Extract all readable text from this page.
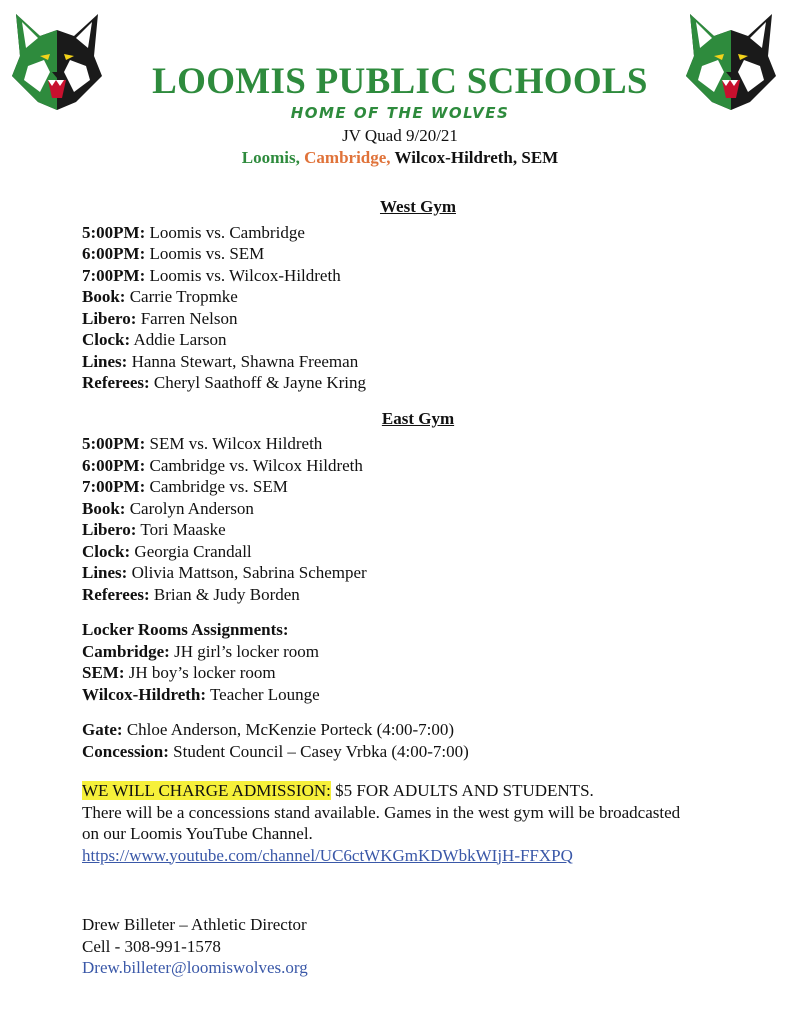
LOOMIS PUBLIC SCHOOLS
HOME OF THE WOLVES
JV Quad 9/20/21
Loomis, Cambridge, Wilcox-Hildreth, SEM
West Gym
5:00PM: Loomis vs. Cambridge
6:00PM: Loomis vs. SEM
7:00PM: Loomis vs. Wilcox-Hildreth
Book: Carrie Tropmke
Libero: Farren Nelson
Clock: Addie Larson
Lines: Hanna Stewart, Shawna Freeman
Referees: Cheryl Saathoff & Jayne Kring
East Gym
5:00PM: SEM vs. Wilcox Hildreth
6:00PM: Cambridge vs. Wilcox Hildreth
7:00PM: Cambridge vs. SEM
Book: Carolyn Anderson
Libero: Tori Maaske
Clock: Georgia Crandall
Lines: Olivia Mattson, Sabrina Schemper
Referees: Brian & Judy Borden
Locker Rooms Assignments:
Cambridge: JH girl’s locker room
SEM: JH boy’s locker room
Wilcox-Hildreth: Teacher Lounge
Gate: Chloe Anderson, McKenzie Porteck (4:00-7:00)
Concession: Student Council – Casey Vrbka (4:00-7:00)
WE WILL CHARGE ADMISSION: $5 FOR ADULTS AND STUDENTS.
There will be a concessions stand available. Games in the west gym will be broadcasted
on our Loomis YouTube Channel.
https://www.youtube.com/channel/UC6ctWKGmKDWbkWIjH-FFXPQ
Drew Billeter – Athletic Director
Cell - 308-991-1578
Drew.billeter@loomiswolves.org
